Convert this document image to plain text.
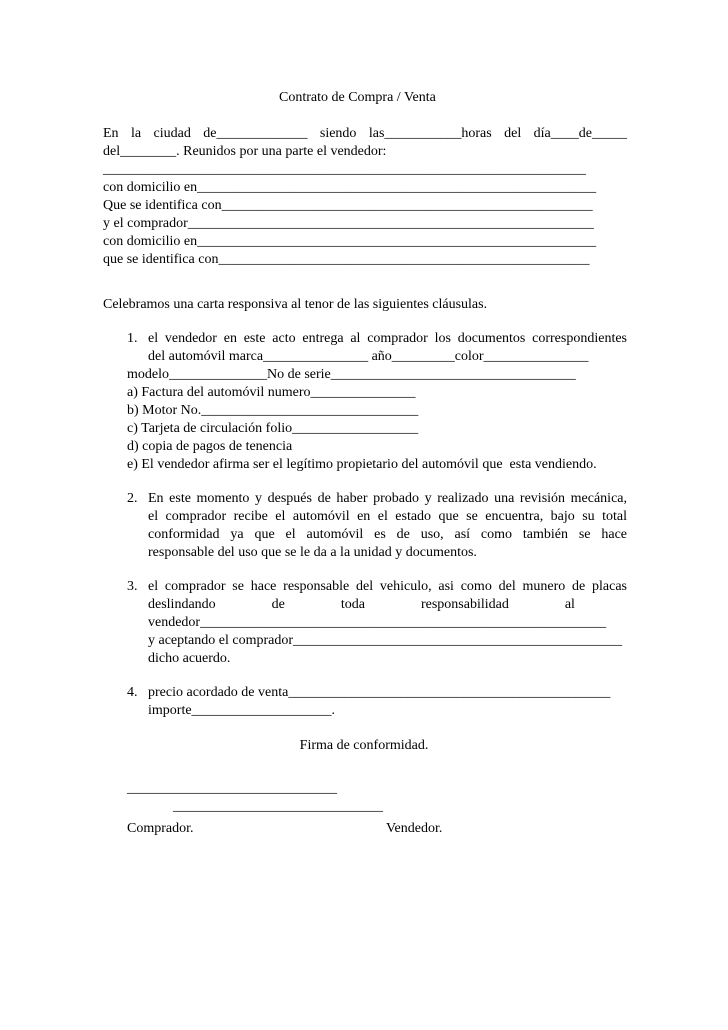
Contrato de Compra / Venta
En la ciudad de_____________ siendo las___________horas del día____de_____
del________. Reunidos por una parte el vendedor:
_____________________________________________________________________
con domicilio en_________________________________________________________
Que se identifica con_____________________________________________________
y el comprador__________________________________________________________
con domicilio en_________________________________________________________
que se identifica con_____________________________________________________
Celebramos una carta responsiva al tenor de las siguientes cláusulas.
1. el vendedor en este acto entrega al comprador los documentos correspondientes
del automóvil marca_______________ año_________color_______________
modelo______________No de serie___________________________________
a) Factura del automóvil numero_______________
b) Motor No._______________________________
c) Tarjeta de circulación folio__________________
d) copia de pagos de tenencia
e) El vendedor afirma ser el legítimo propietario del automóvil que  esta vendiendo.
2. En este momento y después de haber probado y realizado una revisión mecánica,
el comprador recibe el automóvil en el estado que se encuentra, bajo su total
conformidad ya que el automóvil es de uso, así como también se hace
responsable del uso que se le da a la unidad y documentos.
3. el comprador se hace responsable del vehiculo, asi como del munero de placas
deslindando                de                toda                responsabilidad                al
vendedor__________________________________________________________
y aceptando el comprador_______________________________________________
dicho acuerdo.
4. precio acordado de venta______________________________________________
importe____________________.
Firma de conformidad.
______________________________
______________________________
Comprador.	Vendedor.
